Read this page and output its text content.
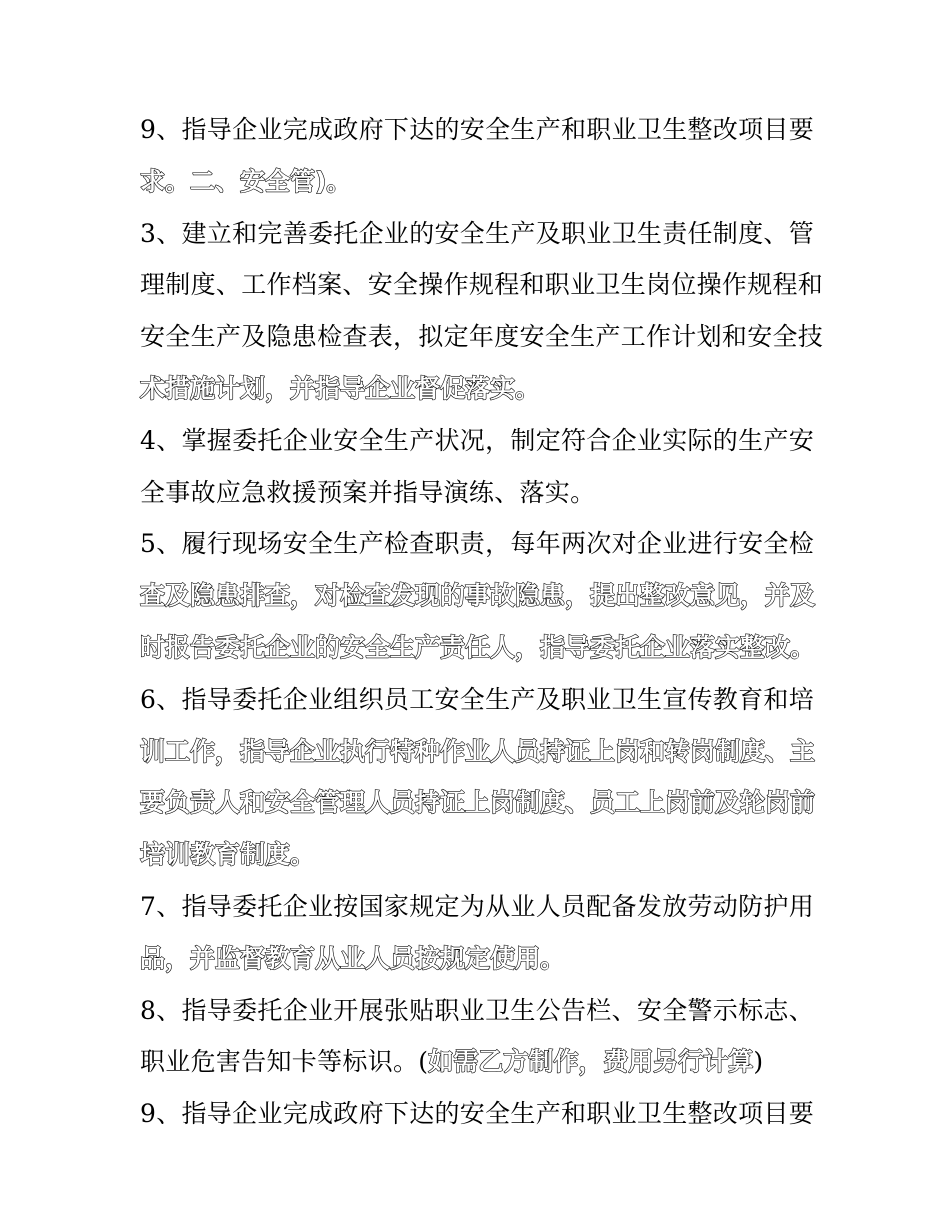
9、指导企业完成政府下达的安全生产和职业卫生整改项目要
求。二、安全管)。
3、建立和完善委托企业的安全生产及职业卫生责任制度、管
理制度、工作档案、安全操作规程和职业卫生岗位操作规程和
安全生产及隐患检查表，拟定年度安全生产工作计划和安全技
术措施计划，并指导企业督促落实。
4、掌握委托企业安全生产状况，制定符合企业实际的生产安
全事故应急救援预案并指导演练、落实。
5、履行现场安全生产检查职责，每年两次对企业进行安全检
查及隐患排查，对检查发现的事故隐患，提出整改意见，并及
时报告委托企业的安全生产责任人，指导委托企业落实整改。
6、指导委托企业组织员工安全生产及职业卫生宣传教育和培
训工作，指导企业执行特种作业人员持证上岗和转岗制度、主
要负责人和安全管理人员持证上岗制度、员工上岗前及轮岗前
培训教育制度。
7、指导委托企业按国家规定为从业人员配备发放劳动防护用
品，并监督教育从业人员按规定使用。
8、指导委托企业开展张贴职业卫生公告栏、安全警示标志、
职业危害告知卡等标识。(如需乙方制作，费用另行计算)
9、指导企业完成政府下达的安全生产和职业卫生整改项目要
